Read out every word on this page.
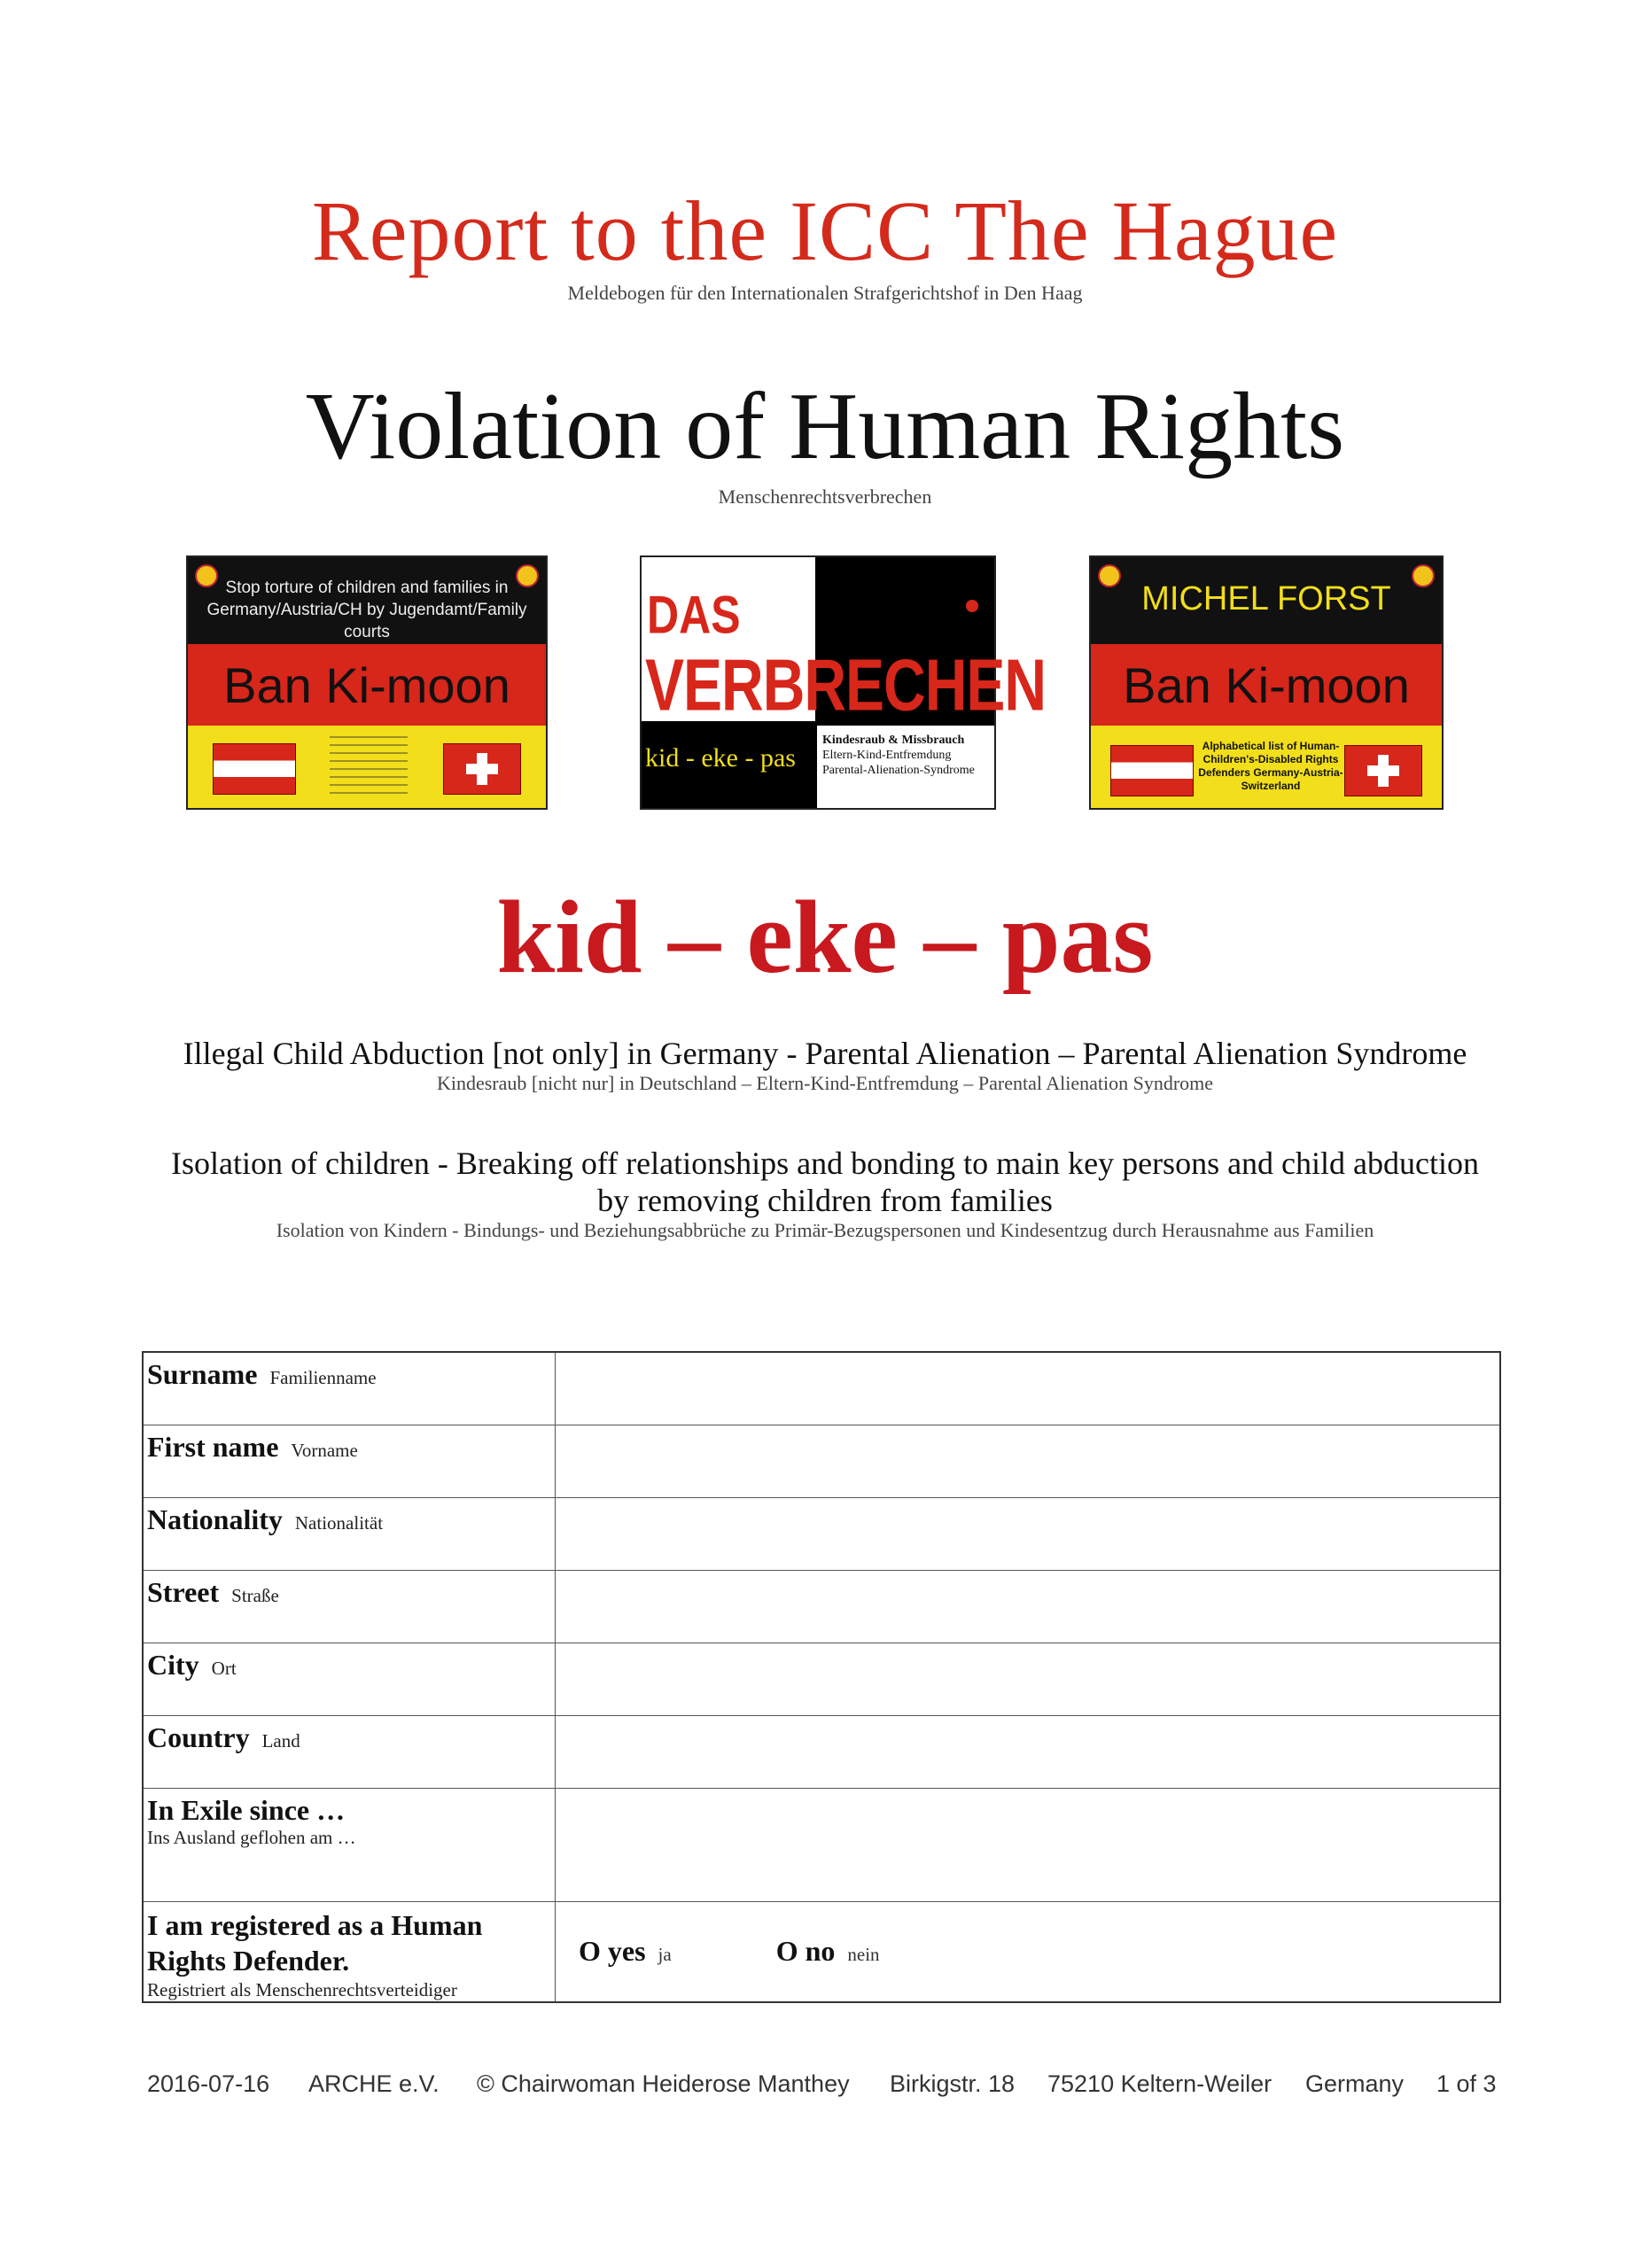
Report to the ICC The Hague
Meldebogen für den Internationalen Strafgerichtshof in Den Haag
Violation of Human Rights
Menschenrechtsverbrechen
Stop torture of children and families in Germany/Austria/CH by Jugendamt/Family courts
Ban Ki-moon
DAS
VERBRECHEN
kid - eke - pas
Kindesraub & Missbrauch
Eltern-Kind-Entfremdung
Parental-Alienation-Syndrome
MICHEL FORST
Ban Ki-moon
Alphabetical list of Human-Children's-Disabled Rights Defenders Germany-Austria-Switzerland
kid – eke – pas
Illegal Child Abduction [not only] in Germany - Parental Alienation – Parental Alienation Syndrome
Kindesraub [nicht nur] in Deutschland – Eltern-Kind-Entfremdung – Parental Alienation Syndrome
Isolation of children - Breaking off relationships and bonding to main key persons and child abduction
by removing children from families
Isolation von Kindern - Bindungs- und Beziehungsabbrüche zu Primär-Bezugspersonen und Kindesentzug durch Herausnahme aus Familien
Surname Familienname	
First name Vorname	
Nationality Nationalität	
Street Straße	
City Ort	
Country Land	
In Exile since …
Ins Ausland geflohen am …	

I am registered as a Human
Rights Defender.
Registriert als Menschenrechtsverteidiger	O yes ja O no nein
2016-07-16 ARCHE e.V. © Chairwoman Heiderose Manthey Birkigstr. 18 75210 Keltern-Weiler Germany 1 of 3
